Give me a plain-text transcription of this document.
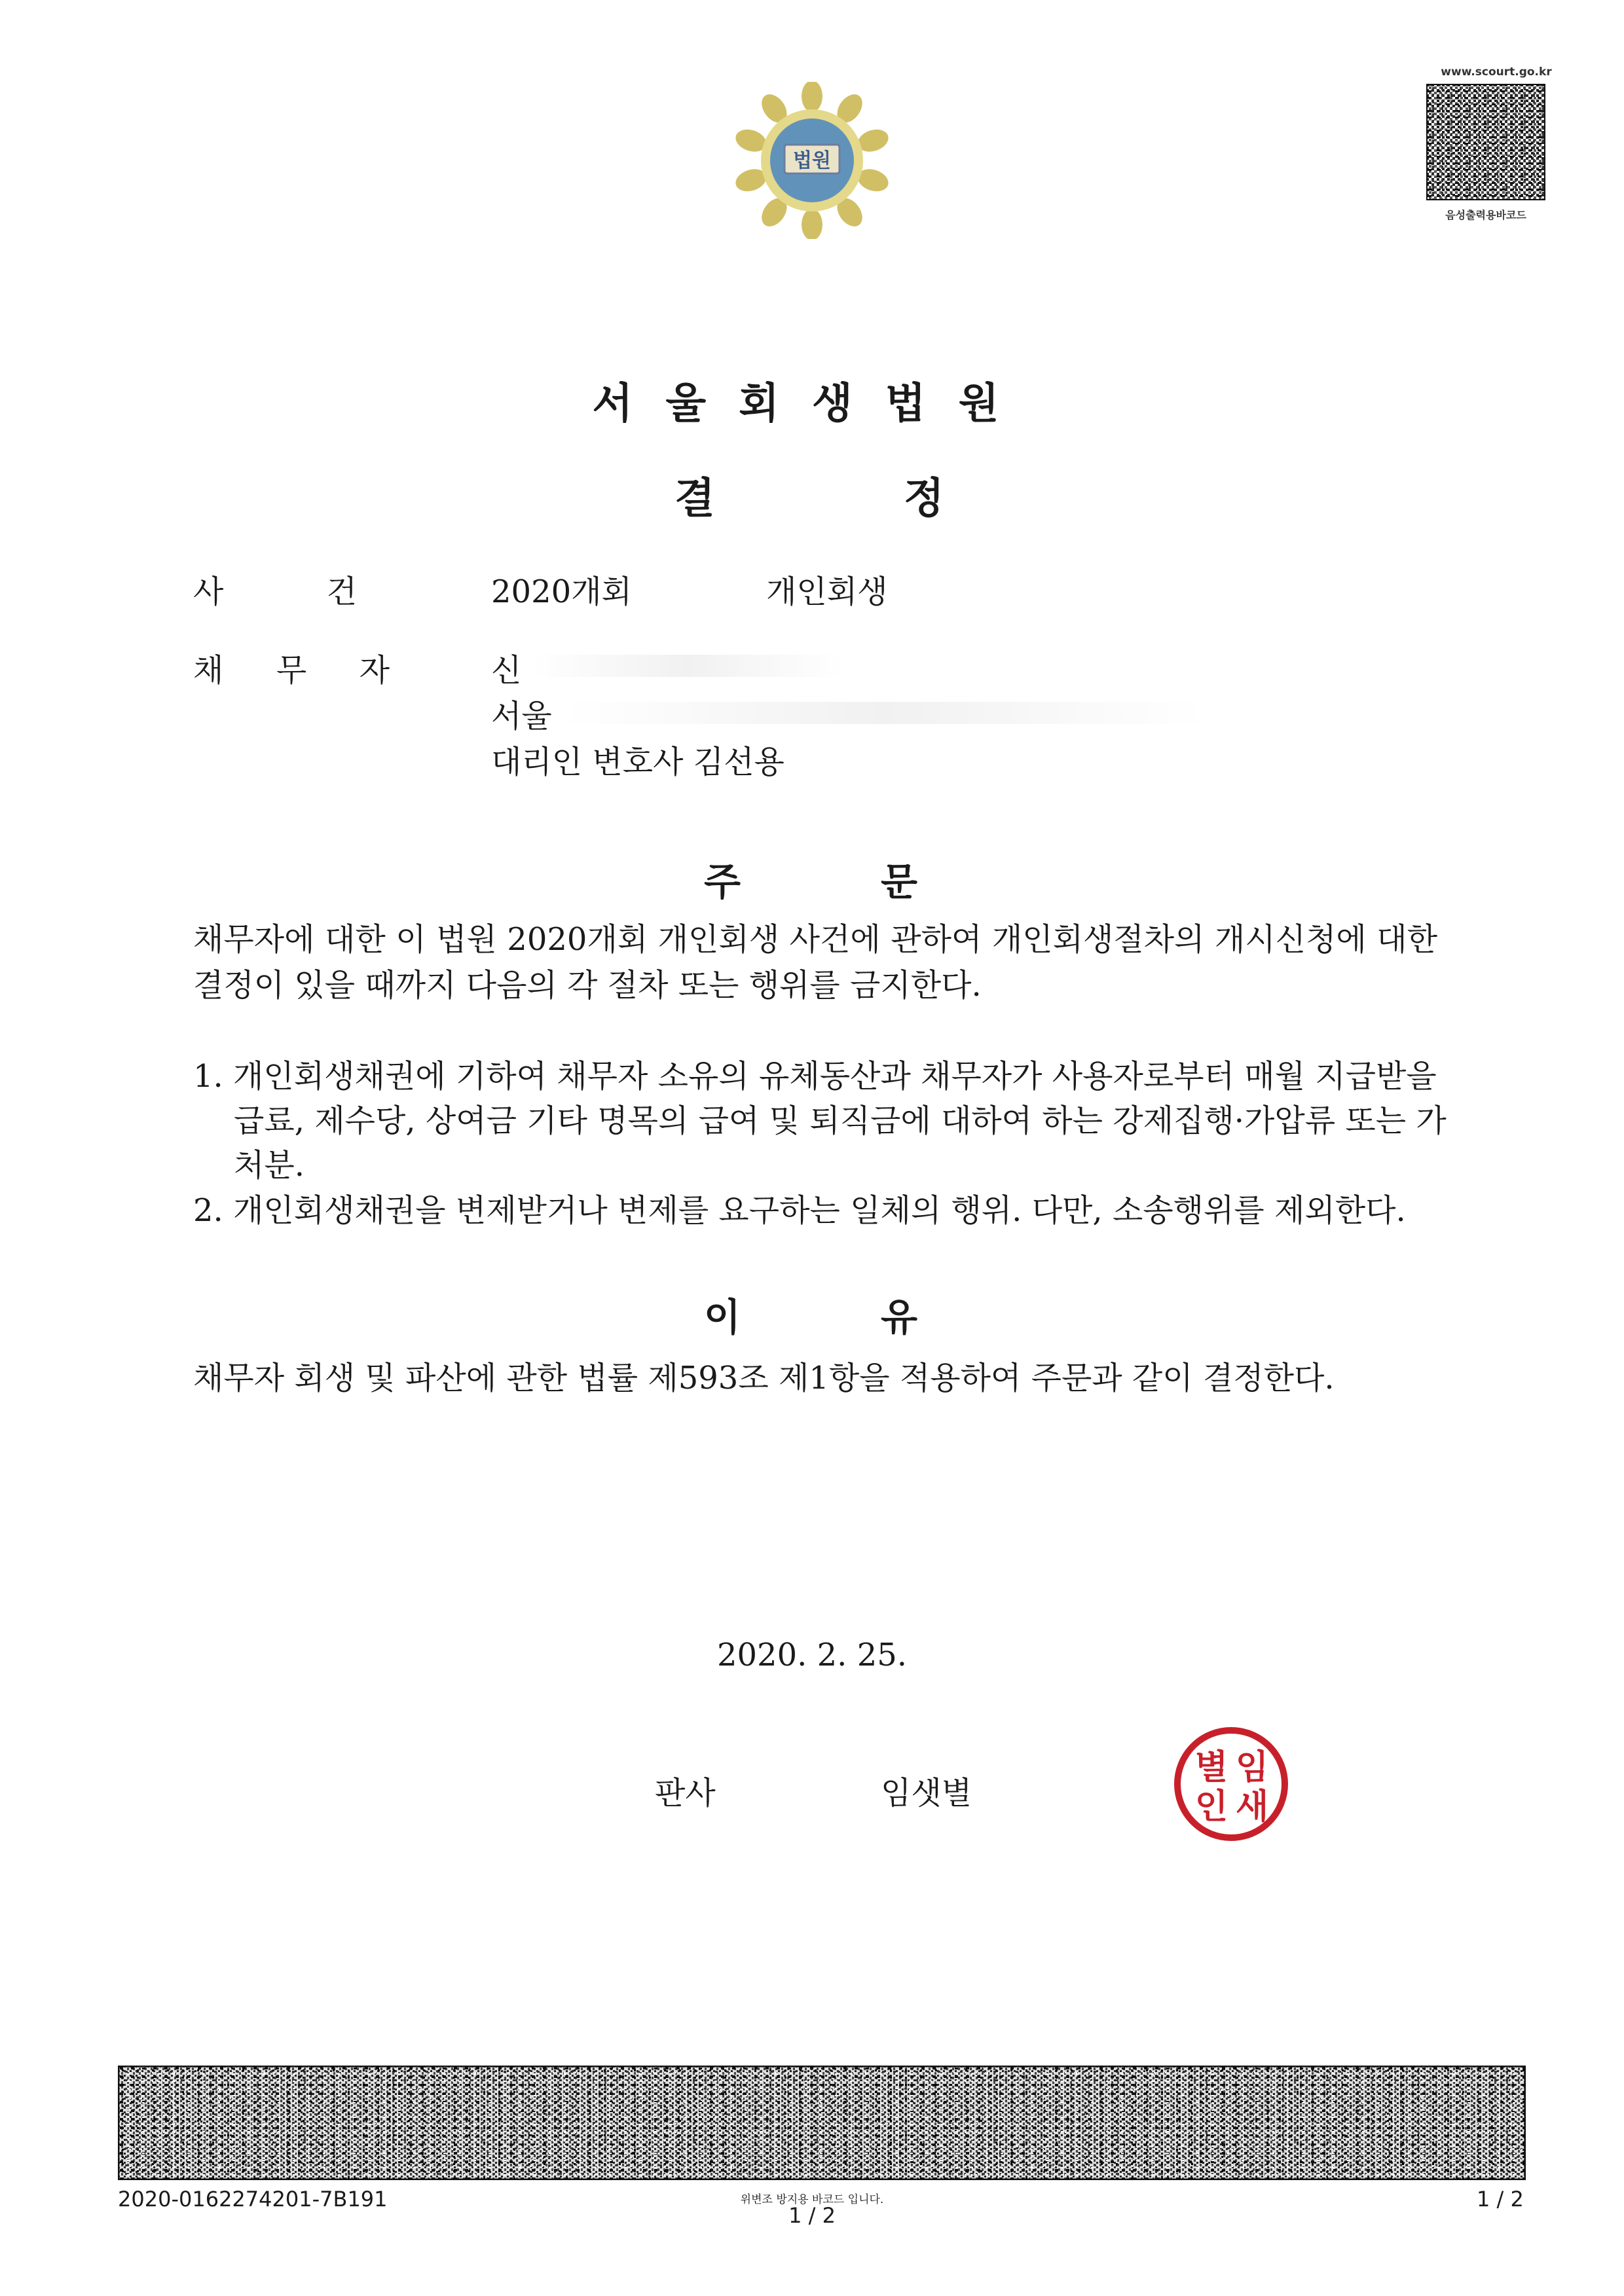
법원
www.scourt.go.kr
음성출력용바코드
서울회생법원
결	정
사	건	2020개회	개인회생
채 무 자	신
서울
대리인 변호사 김선용
주	문
채무자에 대한 이 법원 2020개회 개인회생 사건에 관하여 개인회생절차의 개시신청에 대한 결정이 있을 때까지 다음의 각 절차 또는 행위를 금지한다.
1. 개인회생채권에 기하여 채무자 소유의 유체동산과 채무자가 사용자로부터 매월 지급받을 급료, 제수당, 상여금 기타 명목의 급여 및 퇴직금에 대하여 하는 강제집행·가압류 또는 가처분.
2. 개인회생채권을 변제받거나 변제를 요구하는 일체의 행위. 다만, 소송행위를 제외한다.
이	유
채무자 회생 및 파산에 관한 법률 제593조 제1항을 적용하여 주문과 같이 결정한다.
2020. 2. 25.
판사	임샛별
별 임
인 새
2020-0162274201-7B191	위변조 방지용 바코드 입니다.
1 / 2
1 / 2
